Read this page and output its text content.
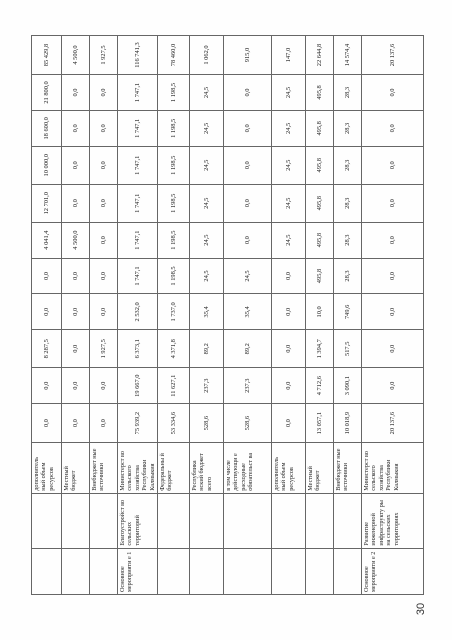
		дополнитель ный объем ресурсов	0,0	0,0	8 287,5	0,0	0,0	4 041,4	12 701,0	10 000,0	18 600,0	21 800,0	85 429,8
		Местный бюджет	0,0	0,0	0,0	0,0	0,0	4 500,0	0,0	0,0	0,0	0,0	4 500,0
		Внебюджет ные источники	0,0	0,0	1 927,5	0,0	0,0	0,0	0,0	0,0	0,0	0,0	1 927,5
Основное мероприяти е 1	Благоустройст во сельских территорий	Министерст во сельского хозяйства Республики Калмыкия	75 939,2	19 667,0	6 373,1	2 532,0	1 747,1	1 747,1	1 747,1	1 747,1	1 747,1	1 747,1	116 741,3
		Федеральны й бюджет	53 334,6	11 627,1	4 371,8	1 737,0	1 198,5	1 198,5	1 198,5	1 198,5	1 198,5	1 198,5	78 460,0
		Республика нский бюджет всего	528,6	237,3	89,2	35,4	24,5	24,5	24,5	24,5	24,5	24,5	1 062,0
		в том числе действующи е расходные обязательст ва	528,6	237,3	89,2	35,4	24,5	0,0	0,0	0,0	0,0	0,0	915,0
		дополнитель ный объем ресурсов	0,0	0,0	0,0	0,0	0,0	24,5	24,5	24,5	24,5	24,5	147,0
		Местный бюджет	13 057,1	4 712,6	1 394,7	10,0	495,8	495,8	495,8	495,8	495,8	495,8	22 644,8
		Внебюджет ные источники	10 018,9	3 090,1	517,5	749,6	28,3	28,3	28,3	28,3	28,3	28,3	14 574,4
Основное мероприяти е 2	Развитие инженерной инфраструкту ры на сельских территориях	Министерст во сельского хозяйства Республики Калмыкия	20 137,6	0,0	0,0	0,0	0,0	0,0	0,0	0,0	0,0	0,0	20 137,6
30
